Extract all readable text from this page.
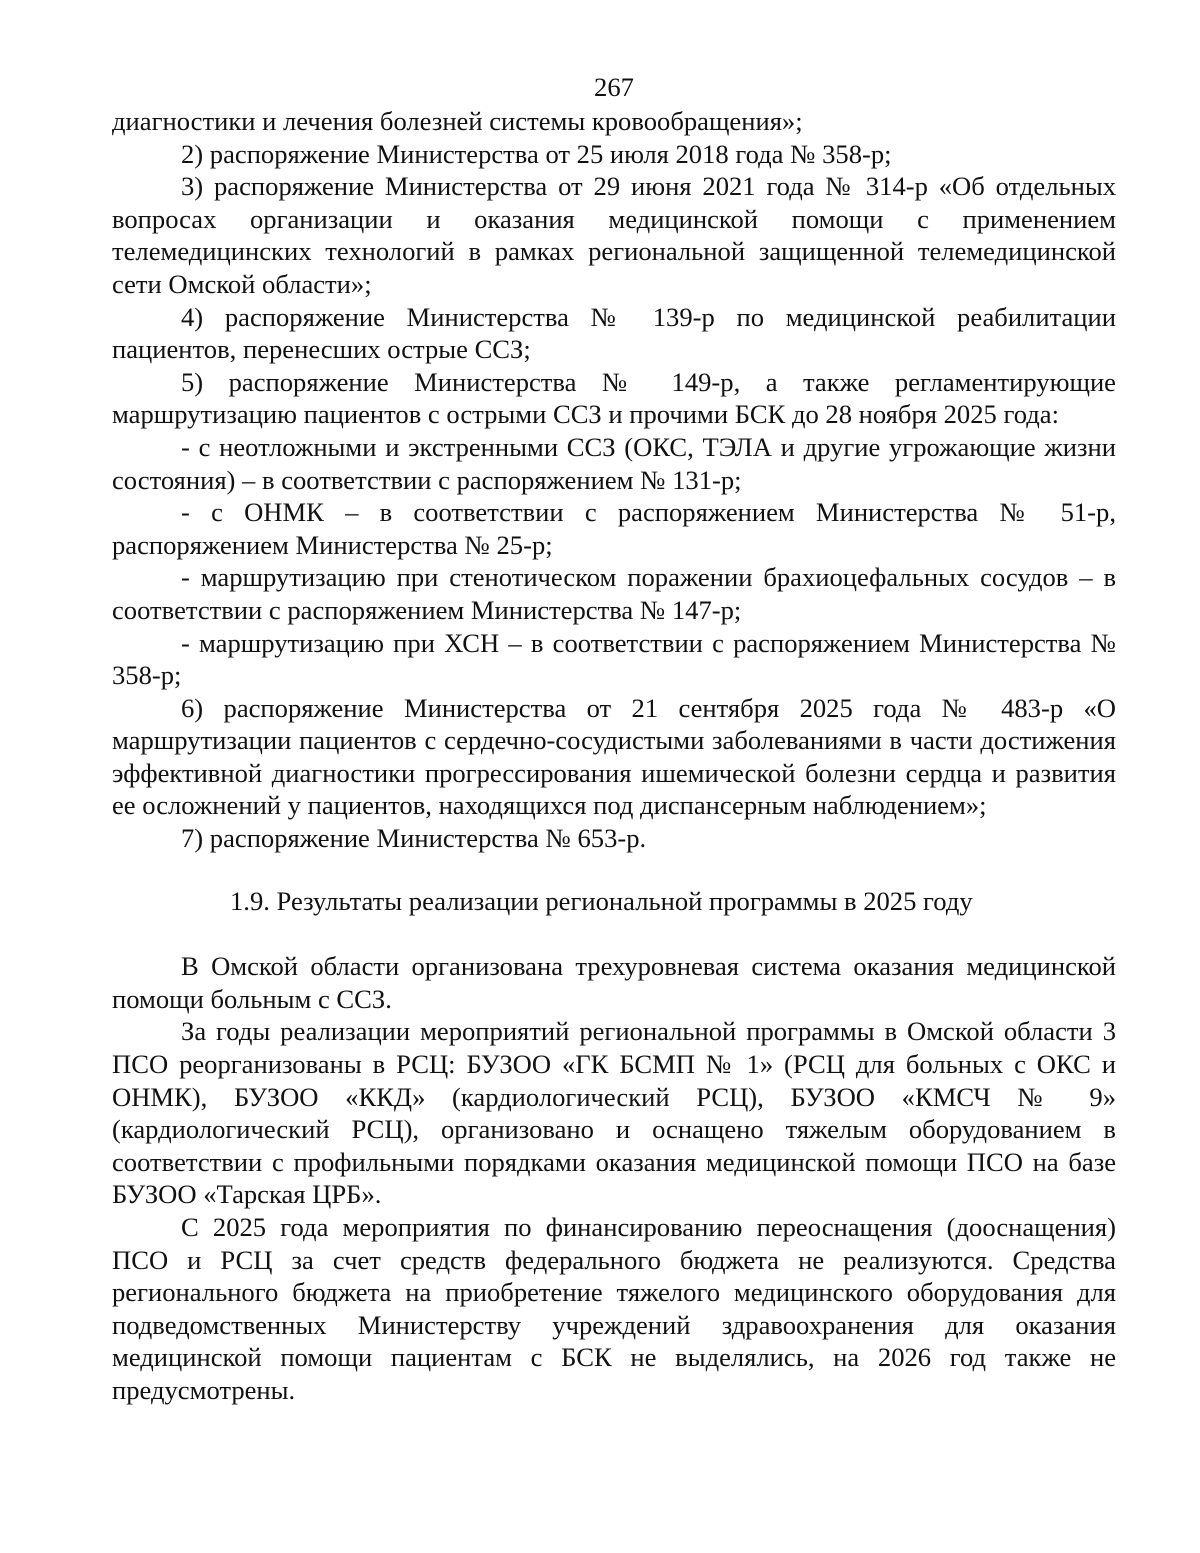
267

диагностики и лечения болезней системы кровообращения»;

2) распоряжение Министерства от 25 июля 2018 года № 358-р;

3) распоряжение Министерства от 29 июня 2021 года № 314-р «Об отдельных вопросах организации и оказания медицинской помощи с применением телемедицинских технологий в рамках региональной защищенной телемедицинской сети Омской области»;

4) распоряжение Министерства № 139-р по медицинской реабилитации пациентов, перенесших острые ССЗ;

5) распоряжение Министерства № 149-р, а также регламентирующие маршрутизацию пациентов с острыми ССЗ и прочими БСК до 28 ноября 2025 года:

- с неотложными и экстренными ССЗ (ОКС, ТЭЛА и другие угрожающие жизни состояния) – в соответствии с распоряжением № 131-р;

- с ОНМК – в соответствии с распоряжением Министерства № 51-р, распоряжением Министерства № 25-р;

- маршрутизацию при стенотическом поражении брахиоцефальных сосудов – в соответствии с распоряжением Министерства № 147-р;

- маршрутизацию при ХСН – в соответствии с распоряжением Министерства № 358-р;

6) распоряжение Министерства от 21 сентября 2025 года № 483-р «О маршрутизации пациентов с сердечно-сосудистыми заболеваниями в части достижения эффективной диагностики прогрессирования ишемической болезни сердца и развития ее осложнений у пациентов, находящихся под диспансерным наблюдением»;

7) распоряжение Министерства № 653-р.

1.9. Результаты реализации региональной программы в 2025 году

В Омской области организована трехуровневая система оказания медицинской помощи больным с ССЗ.

За годы реализации мероприятий региональной программы в Омской области 3 ПСО реорганизованы в РСЦ: БУЗОО «ГК БСМП № 1» (РСЦ для больных с ОКС и ОНМК), БУЗОО «ККД» (кардиологический РСЦ), БУЗОО «КМСЧ № 9» (кардиологический РСЦ), организовано и оснащено тяжелым оборудованием в соответствии с профильными порядками оказания медицинской помощи ПСО на базе БУЗОО «Тарская ЦРБ».

С 2025 года мероприятия по финансированию переоснащения (дооснащения) ПСО и РСЦ за счет средств федерального бюджета не реализуются. Средства регионального бюджета на приобретение тяжелого медицинского оборудования для подведомственных Министерству учреждений здравоохранения для оказания медицинской помощи пациентам с БСК не выделялись, на 2026 год также не предусмотрены.
